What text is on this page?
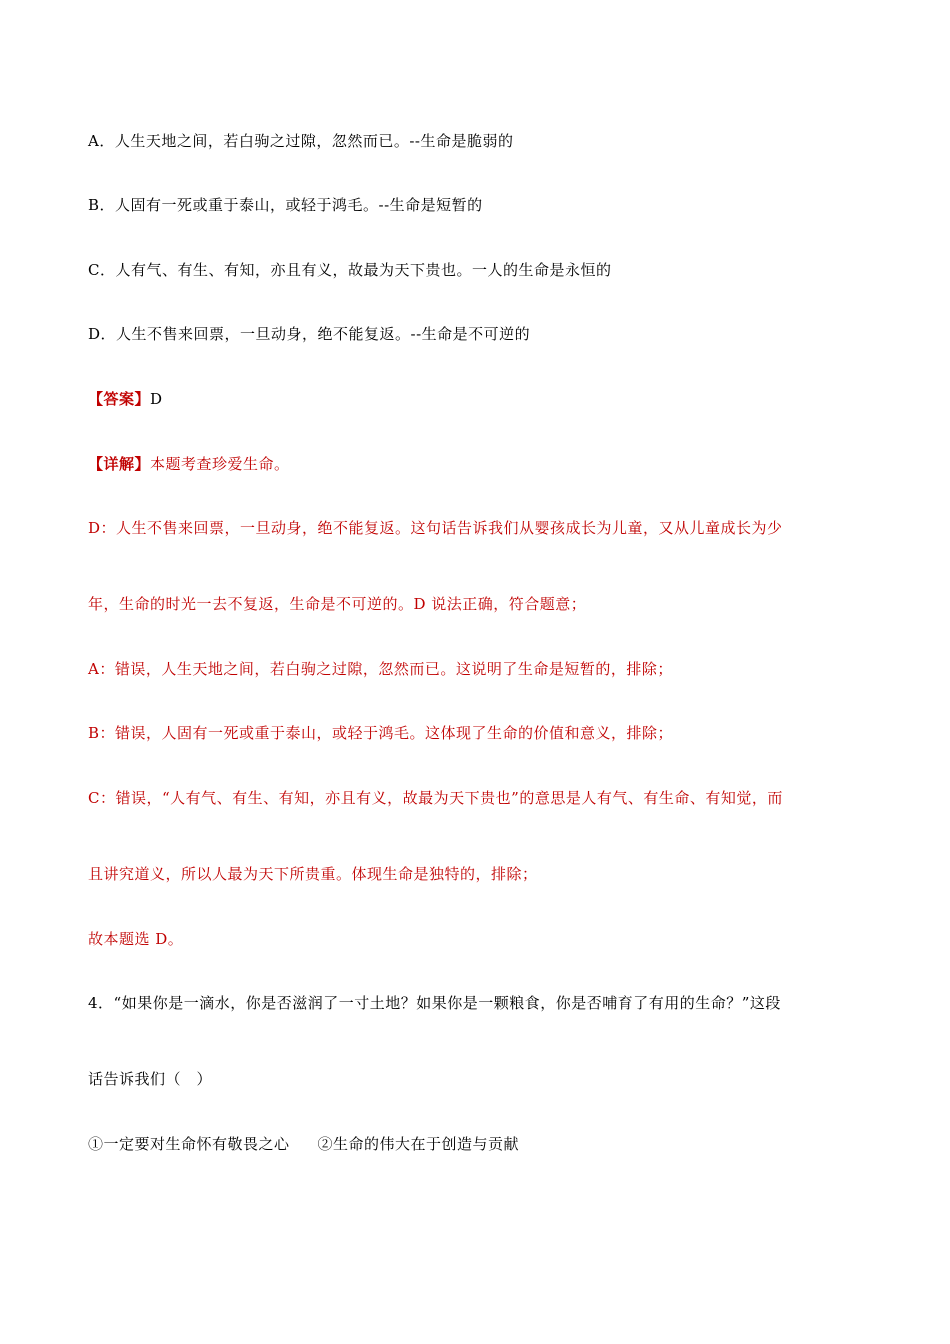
A．人生天地之间，若白驹之过隙，忽然而已。--生命是脆弱的
B．人固有一死或重于泰山，或轻于鸿毛。--生命是短暂的
C．人有气、有生、有知，亦且有义，故最为天下贵也。一人的生命是永恒的
D．人生不售来回票，一旦动身，绝不能复返。--生命是不可逆的
【答案】D
【详解】本题考查珍爱生命。
D：人生不售来回票，一旦动身，绝不能复返。这句话告诉我们从婴孩成长为儿童，又从儿童成长为少
年，生命的时光一去不复返，生命是不可逆的。D 说法正确，符合题意；
A：错误，人生天地之间，若白驹之过隙，忽然而已。这说明了生命是短暂的，排除；
B：错误，人固有一死或重于泰山，或轻于鸿毛。这体现了生命的价值和意义，排除；
C：错误，“人有气、有生、有知，亦且有义，故最为天下贵也”的意思是人有气、有生命、有知觉，而
且讲究道义，所以人最为天下所贵重。体现生命是独特的，排除；
故本题选 D。
4．“如果你是一滴水，你是否滋润了一寸土地？如果你是一颗粮食，你是否哺育了有用的生命？”这段
话告诉我们（　）
①一定要对生命怀有敬畏之心 ②生命的伟大在于创造与贡献
